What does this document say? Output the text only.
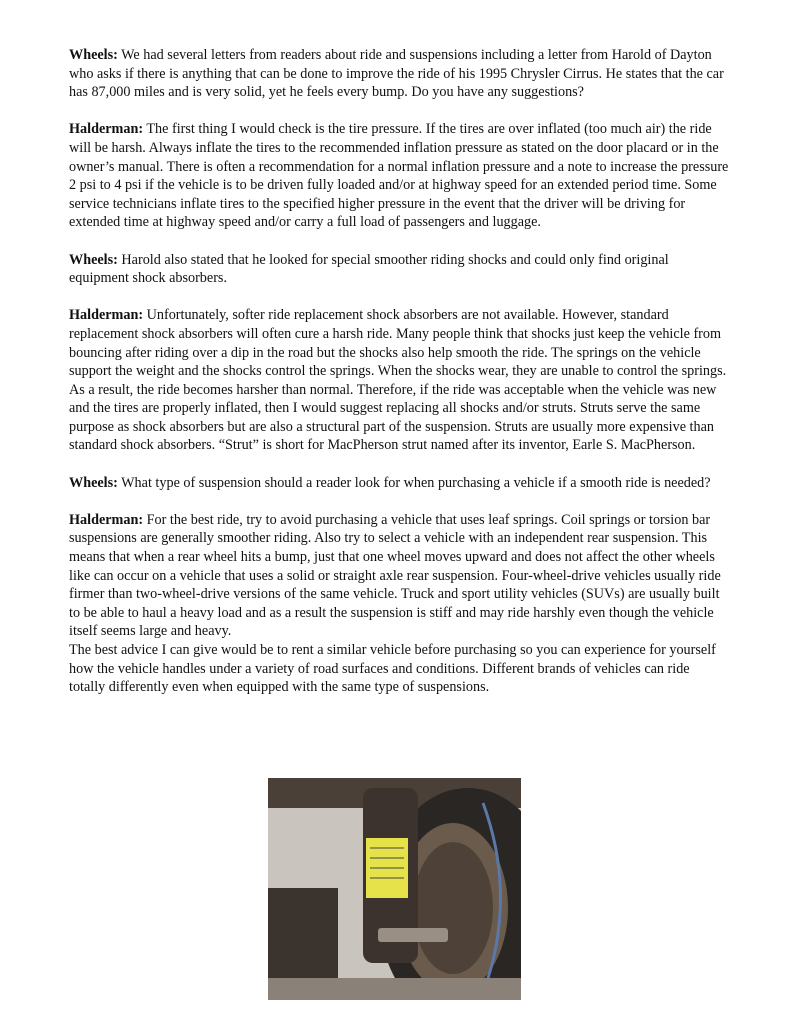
Wheels: We had several letters from readers about ride and suspensions including a letter from Harold of Dayton who asks if there is anything that can be done to improve the ride of his 1995 Chrysler Cirrus. He states that the car has 87,000 miles and is very solid, yet he feels every bump. Do you have any suggestions?

Halderman: The first thing I would check is the tire pressure. If the tires are over inflated (too much air) the ride will be harsh. Always inflate the tires to the recommended inflation pressure as stated on the door placard or in the owner’s manual. There is often a recommendation for a normal inflation pressure and a note to increase the pressure 2 psi to 4 psi if the vehicle is to be driven fully loaded and/or at highway speed for an extended period time. Some service technicians inflate tires to the specified higher pressure in the event that the driver will be driving for extended time at highway speed and/or carry a full load of passengers and luggage.

Wheels: Harold also stated that he looked for special smoother riding shocks and could only find original equipment shock absorbers.

Halderman: Unfortunately, softer ride replacement shock absorbers are not available. However, standard replacement shock absorbers will often cure a harsh ride. Many people think that shocks just keep the vehicle from bouncing after riding over a dip in the road but the shocks also help smooth the ride. The springs on the vehicle support the weight and the shocks control the springs. When the shocks wear, they are unable to control the springs. As a result, the ride becomes harsher than normal. Therefore, if the ride was acceptable when the vehicle was new and the tires are properly inflated, then I would suggest replacing all shocks and/or struts. Struts serve the same purpose as shock absorbers but are also a structural part of the suspension. Struts are usually more expensive than standard shock absorbers. “Strut” is short for MacPherson strut named after its inventor, Earle S. MacPherson.

Wheels: What type of suspension should a reader look for when purchasing a vehicle if a smooth ride is needed?

Halderman: For the best ride, try to avoid purchasing a vehicle that uses leaf springs. Coil springs or torsion bar suspensions are generally smoother riding. Also try to select a vehicle with an independent rear suspension. This means that when a rear wheel hits a bump, just that one wheel moves upward and does not affect the other wheels like can occur on a vehicle that uses a solid or straight axle rear suspension. Four-wheel-drive vehicles usually ride firmer than two-wheel-drive versions of the same vehicle. Truck and sport utility vehicles (SUVs) are usually built to be able to haul a heavy load and as a result the suspension is stiff and may ride harshly even though the vehicle itself seems large and heavy.

The best advice I can give would be to rent a similar vehicle before purchasing so you can experience for yourself how the vehicle handles under a variety of road surfaces and conditions. Different brands of vehicles can ride totally differently even when equipped with the same type of suspensions.
